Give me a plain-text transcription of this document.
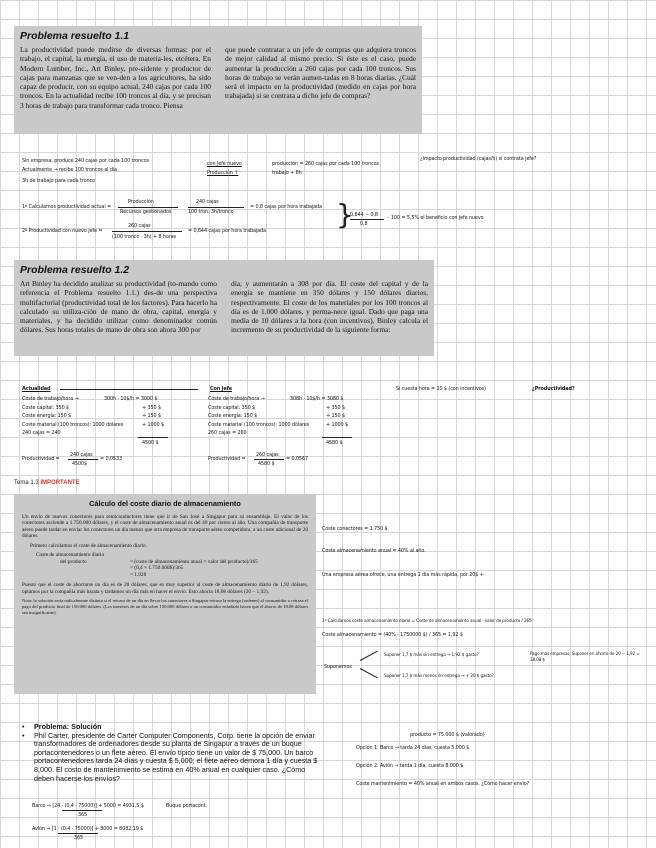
Problema resuelto 1.1

La productividad puede medirse de diversas formas: por el trabajo, el capital, la energía, el uso de materia-les, etcétera. En Modern Lumber, Inc., Art Binley, pre-sidente y productor de cajas para manzanas que se ven-den a los agricultores, ha sido capaz de producir, con su equipo actual, 240 cajas por cada 100 troncos. En la actualidad recibe 100 troncos al día, y se precisan 3 horas de trabajo para transformar cada tronco. Piensa

que puede contratar a un jefe de compras que adquiera troncos de mejor calidad al mismo precio. Si éste es el caso, puede aumentar la producción a 260 cajas por cada 100 troncos. Sus horas de trabajo se verán aumen-tadas en 8 horas diarias. ¿Cuál será el impacto en la productividad (medido en cajas por hora trabajada) si se contrata a dicho jefe de compras?

Sin empresa, produce 240 cajas por cada 100 troncos
Actualmente → recibe 100 troncos al día
3h de trabajo para cada tronco
con Jefe nuevo
Producción ↑
producción = 260 cajas por cada 100 troncos
trabajo + 8h
¿Impacto productividad (cajas/h) si contrata jefe?
1º Calculamos productividad actual =
Producción
Recursos gestionados
240 cajas
100 tron. 3h/tronco
= 0,8 cajas por hora trabajada
2º Productividad con nuevo jefe =
260 cajas
(100 tronco · 3h) + 8 horas
= 0,844 cajas por hora trabajada	}
0,844 − 0,8
0,8
· 100 = 5,5% el beneficio con jefe nuevo
Problema resuelto 1.2

Art Binley ha decidido analizar su productividad (to-mando como referencia el Problema resuelto 1.1.) des-de una perspectiva multifactorial (productividad total de los factores). Para hacerlo ha calculado su utiliza-ción de mano de obra, capital, energía y materiales, y ha decidido utilizar como denominador común dólares. Sus horas totales de mano de obra son ahora 300 por

día, y aumentarán a 308 por día. El coste del capital y de la energía se mantiene en 350 dólares y 150 dólares diarios, respectivamente. El coste de los materiales por los 100 troncos al día es de 1.000 dólares, y perma-nece igual. Dado que paga una media de 10 dólares a la hora (con incentivos), Binley calcula el incremento de su productividad de la siguiente forma:

Actualidad
Coste de trabajo/hora →	300h · 10$/h = 3000 $
Coste capital: 350 $	+ 350 $
Coste energía: 150 $	+ 150 $
Coste material (100 troncos): 1000 dólares	+ 1000 $
240 cajas = 240
4500 $
Productividad =
240 cajas
4500$
= 0,0533
Con Jefe
Coste de trabajo/hora →	308h · 10$/h = 3080 $
Coste capital: 350 $	+ 350 $
Coste energía: 150 $	+ 150 $
Coste material (100 troncos): 1000 dólares	+ 1000 $
260 cajas = 260
4580 $
Productividad =
260 cajas
4580 $
= 0,0567
Si cuesta hora = 10 $ (con incentivos)	¿Productividad?
Tema 1.3 IMPORTANTE
Cálculo del coste diario de almacenamiento

Un envío de nuevos conectores para semiconductores tiene que ir de San José a Singapur para su ensamblaje. El valor de los conectores asciende a 1.750.000 dólares, y el coste de almacenamiento anual es del 40 por ciento al año. Una compañía de transporte aéreo puede tardar en enviar los conectores un día menos que otra empresa de transporte aéreo competidora, a un coste adicional de 20 dólares.

Primero calculamos el coste de almacenamiento diario.

Coste de almacenamiento diario
del producto	= (coste de almacenamiento anual × valor del producto)/365
= (0,4 × 1.750.000$)/365
= 1.928

Puesto que el coste de ahorrarse un día es de 20 dólares, que es muy superior al coste de almacenamiento diario de 1,92 dólares, optamos por la compañía más barata y tardamos un día más en hacer el envío. Esto ahorra 18,08 dólares (20 − 1,92).

Nota: la solución sería radicalmente distinta si el retraso de un día en llevar los conectores a Singapur retrasa la entrega (ordenes) al consumidor o retrasa el pago del producto final de 150.000 dólares. (Los intereses de un día sobre 150.000 dólares o un consumidor enfadado hacen que el ahorro de 18,08 dólares sea insignificante).

Coste conectores = 1.750 $
Coste almacenamiento anual = 40% al año.
Una empresa aérea ofrece, una entrega 1 día más rápida, por 20$ +
1º Calculamos coste almacenamiento diario = Coste de almacenamiento anual · valor de producto / 365
Coste almacenamiento = (40% · 1750000 $) / 365 = 1,92 $
Suponemos
Suponer 1,7 $ más sin entrega → 1,92 $ gasto?	Pago más empresas, Suponer en ahorro de 20 − 1,92 = 18,08 $
Suponer 1,7 $ más menos en entrega → + 20 $ gasto?
•	Problema: Solución
•	Phil Carter, presidente de Carter Computer Components, Corp. tiene la opción de enviar transformadores de ordenadores desde su planta de Singapur a través de un buque portacontenedores o un flete aéreo. El envío típico tiene un valor de $ 75,000. Un barco portacontenedores tarda 24 días y cuesta $ 5,000; el flete aéreo demora 1 día y cuesta $ 8,000. El costo de mantenimiento se estima en 40% anual en cualquier caso. ¿Cómo deben hacerse los envíos?
Barco ⇒ [24 · (0,4 · 75000)] + 5000 = 4931,5 $
365
Buque portacont.
Avión ⇒ [1 · (0,4 · 75000)] + 8000 = 8082,19 $
365
producto = 75.000 $ (valorado)
Opción 1: Barco → tarda 24 días, cuesta 5.000 $
Opción 2: Avión → tarda 1 día, cuesta 8.000 $
Coste mantenimiento = 40% anual en ambos casos. ¿Cómo hacer envío?
